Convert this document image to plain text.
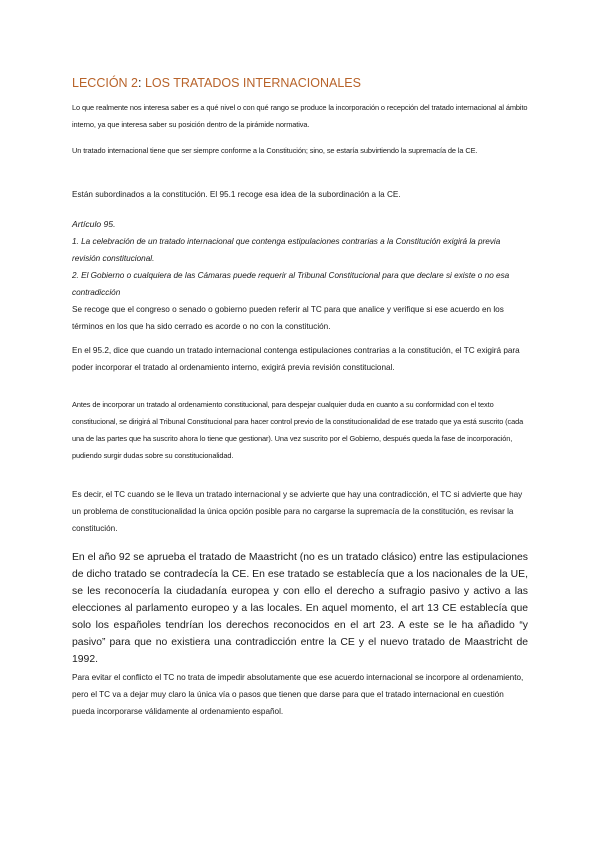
LECCIÓN 2: LOS TRATADOS INTERNACIONALES

Lo que realmente nos interesa saber es a qué nivel o con qué rango se produce la incorporación o recepción del tratado internacional al ámbito interno, ya que interesa saber su posición dentro de la pirámide normativa.

Un tratado internacional tiene que ser siempre conforme a la Constitución; sino, se estaría subvirtiendo la supremacía de la CE.

Están subordinados a la constitución. El 95.1 recoge esa idea de la subordinación a la CE.

Artículo 95.
1. La celebración de un tratado internacional que contenga estipulaciones contrarias a la Constitución exigirá la previa revisión constitucional.
2. El Gobierno o cualquiera de las Cámaras puede requerir al Tribunal Constitucional para que declare si existe o no esa contradicción
Se recoge que el congreso o senado o gobierno pueden referir al TC para que analice y verifique si ese acuerdo en los términos en los que ha sido cerrado es acorde o no con la constitución.

En el 95.2, dice que cuando un tratado internacional contenga estipulaciones contrarias a la constitución, el TC exigirá para poder incorporar el tratado al ordenamiento interno, exigirá previa revisión constitucional.

Antes de incorporar un tratado al ordenamiento constitucional, para despejar cualquier duda en cuanto a su conformidad con el texto constitucional, se dirigirá al Tribunal Constitucional para hacer control previo de la constitucionalidad de ese tratado que ya está suscrito (cada una de las partes que ha suscrito ahora lo tiene que gestionar). Una vez suscrito por el Gobierno, después queda la fase de incorporación, pudiendo surgir dudas sobre su constitucionalidad.

Es decir, el TC cuando se le lleva un tratado internacional y se advierte que hay una contradicción, el TC si advierte que hay un problema de constitucionalidad la única opción posible para no cargarse la supremacía de la constitución, es revisar la constitución.

En el año 92 se aprueba el tratado de Maastricht (no es un tratado clásico) entre las estipulaciones de dicho tratado se contradecía la CE. En ese tratado se establecía que a los nacionales de la UE, se les reconocería la ciudadanía europea y con ello el derecho a sufragio pasivo y activo a las elecciones al parlamento europeo y a las locales. En aquel momento, el art 13 CE establecía que solo los españoles tendrían los derechos reconocidos en el art 23. A este se le ha añadido “y pasivo” para que no existiera una contradicción entre la CE y el nuevo tratado de Maastricht de 1992.

Para evitar el conflicto el TC no trata de impedir absolutamente que ese acuerdo internacional se incorpore al ordenamiento, pero el TC va a dejar muy claro la única vía o pasos que tienen que darse para que el tratado internacional en cuestión pueda incorporarse válidamente al ordenamiento español.
